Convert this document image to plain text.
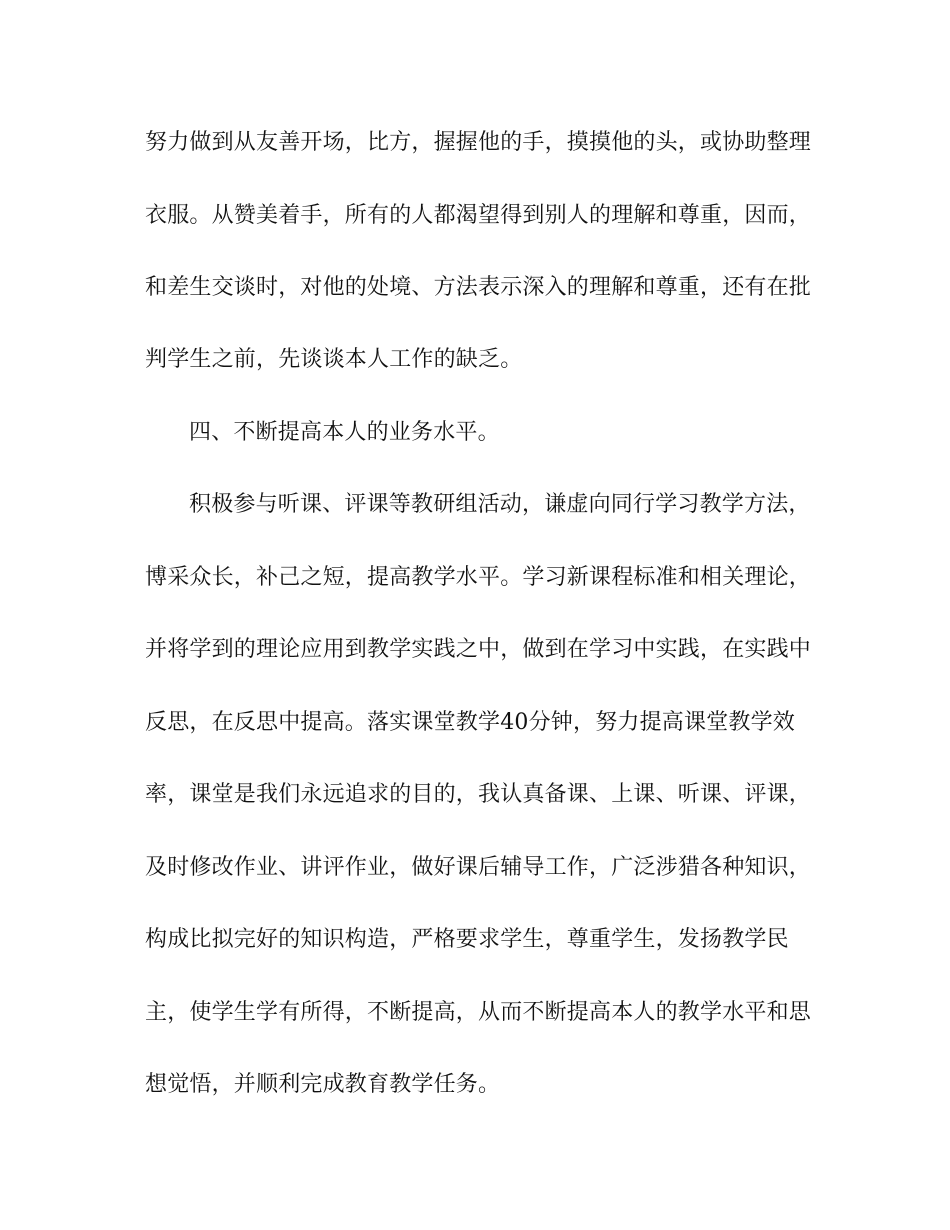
努力做到从友善开场，比方，握握他的手，摸摸他的头，或协助整理
衣服。从赞美着手，所有的人都渴望得到别人的理解和尊重，因而，
和差生交谈时，对他的处境、方法表示深入的理解和尊重，还有在批
判学生之前，先谈谈本人工作的缺乏。
四、不断提高本人的业务水平。
积极参与听课、评课等教研组活动，谦虚向同行学习教学方法，
博采众长，补己之短，提高教学水平。学习新课程标准和相关理论，
并将学到的理论应用到教学实践之中，做到在学习中实践，在实践中
反思，在反思中提高。落实课堂教学40分钟，努力提高课堂教学效
率，课堂是我们永远追求的目的，我认真备课、上课、听课、评课，
及时修改作业、讲评作业，做好课后辅导工作，广泛涉猎各种知识，
构成比拟完好的知识构造，严格要求学生，尊重学生，发扬教学民
主，使学生学有所得，不断提高，从而不断提高本人的教学水平和思
想觉悟，并顺利完成教育教学任务。
